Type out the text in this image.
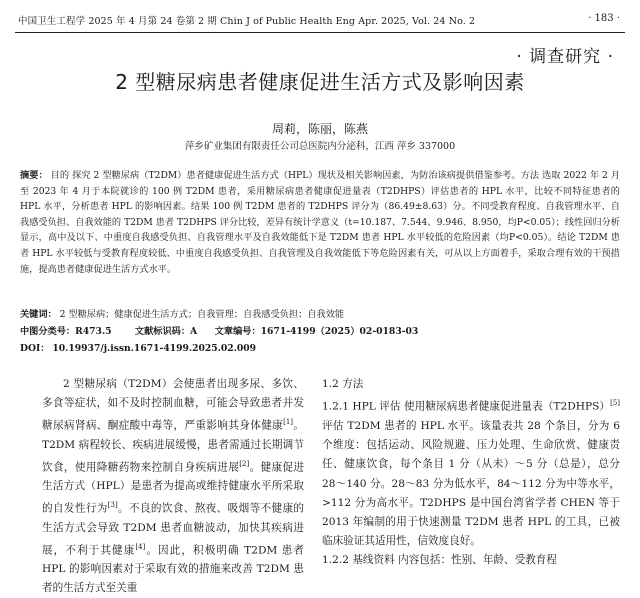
中国卫生工程学 2025 年 4 月第 24 卷第 2 期 Chin J of Public Health Eng Apr. 2025, Vol. 24 No. 2	· 183 ·
· 调查研究 ·
2 型糖尿病患者健康促进生活方式及影响因素
周莉，陈丽，陈燕
萍乡矿业集团有限责任公司总医院内分泌科，江西 萍乡 337000
摘要： 目的 探究 2 型糖尿病（T2DM）患者健康促进生活方式（HPL）现状及相关影响因素，为防治该病提供借鉴参考。方法 选取 2022 年 2 月至 2023 年 4 月于本院就诊的 100 例 T2DM 患者，采用糖尿病患者健康促进量表（T2DHPS）评估患者的 HPL 水平，比较不同特征患者的 HPL 水平，分析患者 HPL 的影响因素。结果 100 例 T2DM 患者的 T2DHPS 评分为（86.49±8.63）分。不同受教育程度、自我管理水平、自我感受负担、自我效能的 T2DM 患者 T2DHPS 评分比较，差异有统计学意义（t=10.187、7.544、9.946、8.950，均P<0.05）；线性回归分析显示，高中及以下、中重度自我感受负担、自我管理水平及自我效能低下是 T2DM 患者 HPL 水平较低的危险因素（均P<0.05）。结论 T2DM 患者 HPL 水平较低与受教育程度较低、中重度自我感受负担、自我管理及自我效能低下等危险因素有关，可从以上方面着手，采取合理有效的干预措施，提高患者健康促进生活方式水平。
关键词： 2 型糖尿病；健康促进生活方式；自我管理；自我感受负担；自我效能
中图分类号：R473.5	文献标识码：A 文章编号：1671-4199（2025）02-0183-03
DOI： 10.19937/j.issn.1671-4199.2025.02.009
2 型糖尿病（T2DM）会使患者出现多尿、多饮、多食等症状，如不及时控制血糖，可能会导致患者并发糖尿病肾病、酮症酸中毒等，严重影响其身体健康[1]。T2DM 病程较长、疾病进展缓慢，患者需通过长期调节饮食，使用降糖药物来控制自身疾病进展[2]。健康促进生活方式（HPL）是患者为提高或维持健康水平所采取的自发性行为[3]。不良的饮食、熬夜、吸烟等不健康的生活方式会导致 T2DM 患者血糖波动，加快其疾病进展，不利于其健康[4]。因此，积极明确 T2DM 患者 HPL 的影响因素对于采取有效的措施来改善 T2DM 患者的生活方式至关重

1.2 方法

1.2.1 HPL 评估 使用糖尿病患者健康促进量表（T2DHPS）[5]评估 T2DM 患者的 HPL 水平。该量表共 28 个条目，分为 6 个维度：包括运动、风险规避、压力处理、生命欣赏、健康责任、健康饮食，每个条目 1 分（从未）～5 分（总是），总分 28～140 分。28～83 分为低水平，84～112 分为中等水平，>112 分为高水平。T2DHPS 是中国台湾省学者 CHEN 等于 2013 年编制的用于快速测量 T2DM 患者 HPL 的工具，已被临床验证其适用性，信效度良好。

1.2.2 基线资料 内容包括：性别、年龄、受教育程
